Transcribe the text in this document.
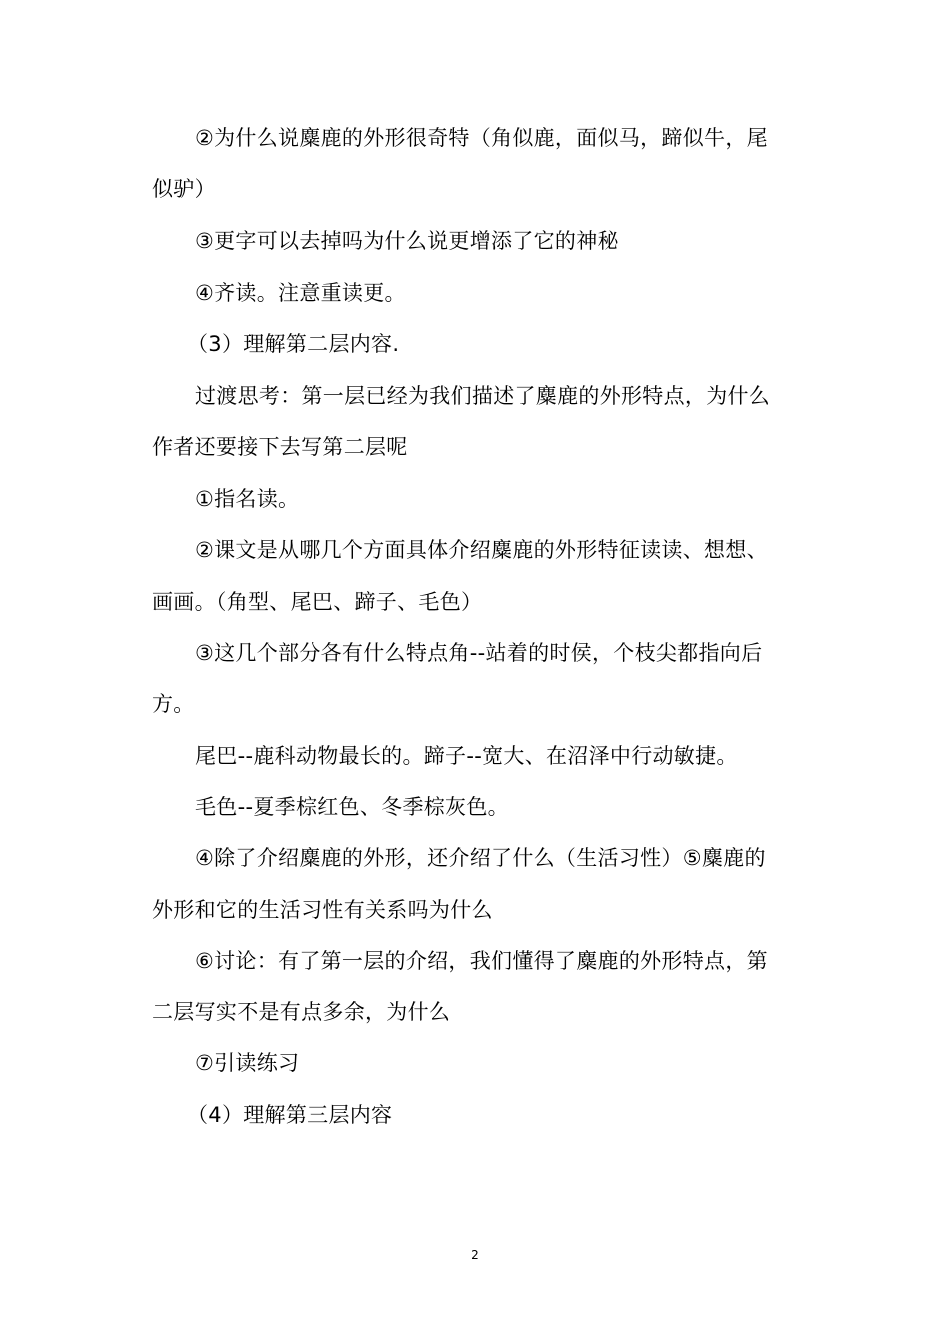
②为什么说麋鹿的外形很奇特（角似鹿，面似马，蹄似牛，尾
似驴）
③更字可以去掉吗为什么说更增添了它的神秘
④齐读。注意重读更。
（3）理解第二层内容.
过渡思考：第一层已经为我们描述了麋鹿的外形特点，为什么
作者还要接下去写第二层呢
①指名读。
②课文是从哪几个方面具体介绍麋鹿的外形特征读读、想想、
画画。（角型、尾巴、蹄子、毛色）
③这几个部分各有什么特点角--站着的时侯，个枝尖都指向后
方。
尾巴--鹿科动物最长的。蹄子--宽大、在沼泽中行动敏捷。
毛色--夏季棕红色、冬季棕灰色。
④除了介绍麋鹿的外形，还介绍了什么（生活习性）⑤麋鹿的
外形和它的生活习性有关系吗为什么
⑥讨论：有了第一层的介绍，我们懂得了麋鹿的外形特点，第
二层写实不是有点多余，为什么
⑦引读练习
（4）理解第三层内容
2
